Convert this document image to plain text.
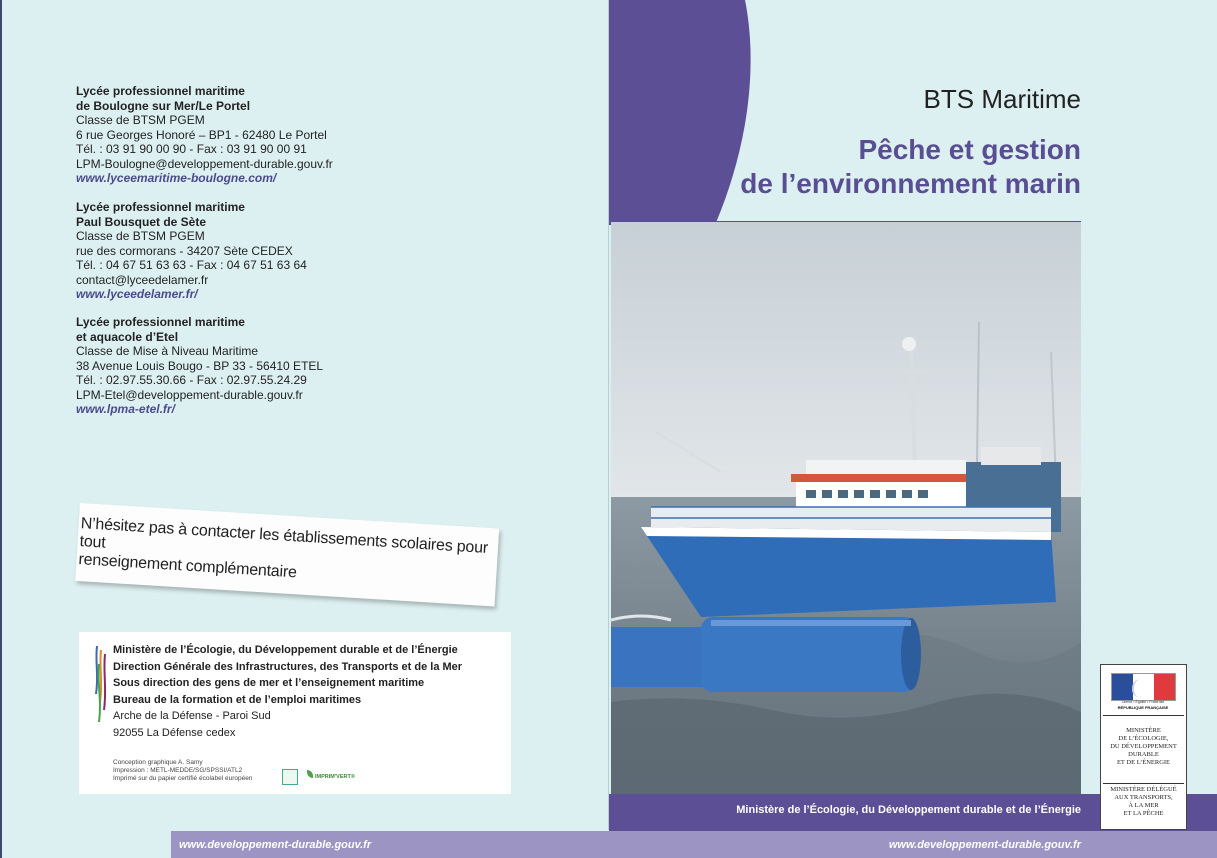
Lycée professionnel maritime
de Boulogne sur Mer/Le Portel
Classe de BTSM PGEM
6 rue Georges Honoré – BP1 - 62480 Le Portel
Tél. : 03 91 90 00 90 - Fax : 03 91 90 00 91
LPM-Boulogne@developpement-durable.gouv.fr
www.lyceemaritime-boulogne.com/
Lycée professionnel maritime
Paul Bousquet de Sète
Classe de BTSM PGEM
rue des cormorans - 34207 Sète CEDEX
Tél. : 04 67 51 63 63 - Fax : 04 67 51 63 64
contact@lyceedelamer.fr
www.lyceedelamer.fr/
Lycée professionnel maritime
et aquacole d’Etel
Classe de Mise à Niveau Maritime
38 Avenue Louis Bougo - BP 33 - 56410 ETEL
Tél. : 02.97.55.30.66 - Fax : 02.97.55.24.29
LPM-Etel@developpement-durable.gouv.fr
www.lpma-etel.fr/
N’hésitez pas à contacter les établissements scolaires pour tout
renseignement complémentaire
Ministère de l’Écologie, du Développement durable et de l’Énergie
Direction Générale des Infrastructures, des Transports et de la Mer
Sous direction des gens de mer et l’enseignement maritime
Bureau de la formation et de l’emploi maritimes
Arche de la Défense - Paroi Sud
92055 La Défense cedex
Conception graphique A. Samy
Impression : METL-MEDDE/SG/SPSSI/ATL2
Imprimé sur du papier certifié écolabel européen	IMPRIM'VERT®
BTS Maritime
Pêche et gestion
de l’environnement marin
Ministère de l’Écologie, du Développement durable et de l’Énergie
www.developpement-durable.gouv.fr	www.developpement-durable.gouv.fr
Liberté • Égalité • Fraternité
RÉPUBLIQUE FRANÇAISE
MINISTÈRE
DE L’ÉCOLOGIE,
DU DÉVELOPPEMENT
DURABLE
ET DE L’ÉNERGIE
MINISTÈRE DÉLÉGUÉ
AUX TRANSPORTS,
À LA MER
ET LA PÊCHE
